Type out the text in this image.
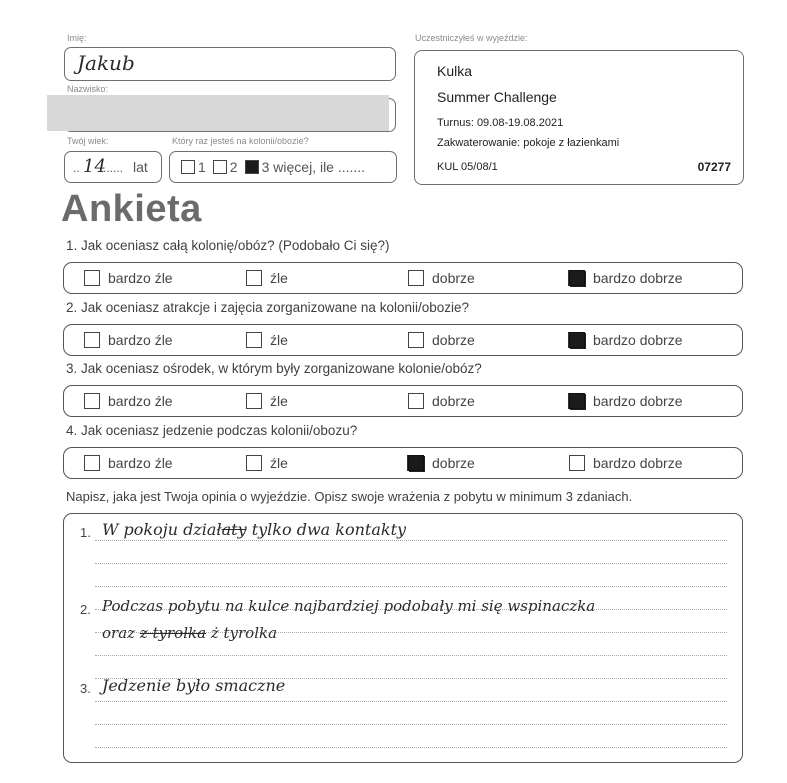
Imię:
Jakub
Nazwisko:
Twój wiek:
.. 14
...... lat
Który raz jesteś na kolonii/obozie?
1 2 3 więcej, ile .......
Uczestniczyłeś w wyjeździe:
Kulka
Summer Challenge
Turnus: 09.08-19.08.2021
Zakwaterowanie: pokoje z łazienkami
KUL 05/08/1	07277
Ankieta
1. Jak oceniasz całą kolonię/obóz? (Podobało Ci się?)
bardzo źle	źle	dobrze	bardzo dobrze
2. Jak oceniasz atrakcje i zajęcia zorganizowane na kolonii/obozie?
bardzo źle	źle	dobrze	bardzo dobrze
3. Jak oceniasz ośrodek, w którym były zorganizowane kolonie/obóz?
bardzo źle	źle	dobrze	bardzo dobrze
4. Jak oceniasz jedzenie podczas kolonii/obozu?
bardzo źle	źle	dobrze	bardzo dobrze
Napisz, jaka jest Twoja opinia o wyjeździe. Opisz swoje wrażenia z pobytu w minimum 3 zdaniach.
1. W pokoju działaty tylko dwa kontakty
2. Podczas pobytu na kulce najbardziej podobały mi się wspinaczka
oraz z tyrolka ż tyrolka
3. Jedzenie było smaczne
